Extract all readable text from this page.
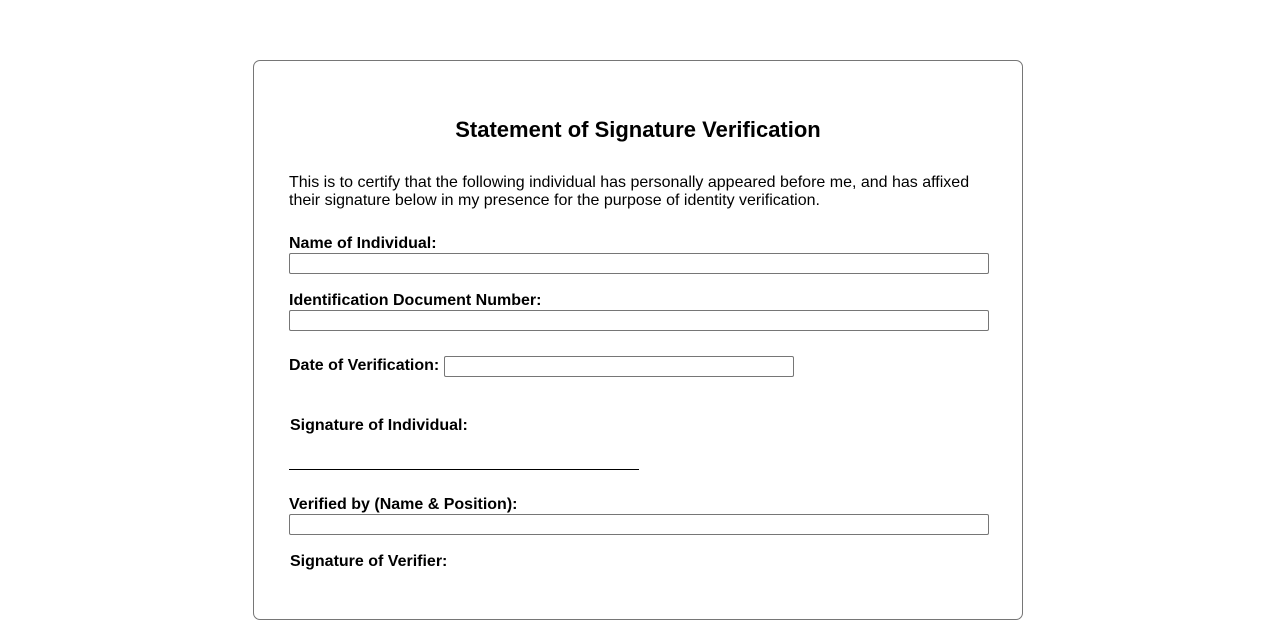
Statement of Signature Verification

This is to certify that the following individual has personally appeared before me, and has affixed their signature below in my presence for the purpose of identity verification.

Name of Individual:
Identification Document Number:
Date of Verification:
Signature of Individual:
Verified by (Name & Position):
Signature of Verifier:
